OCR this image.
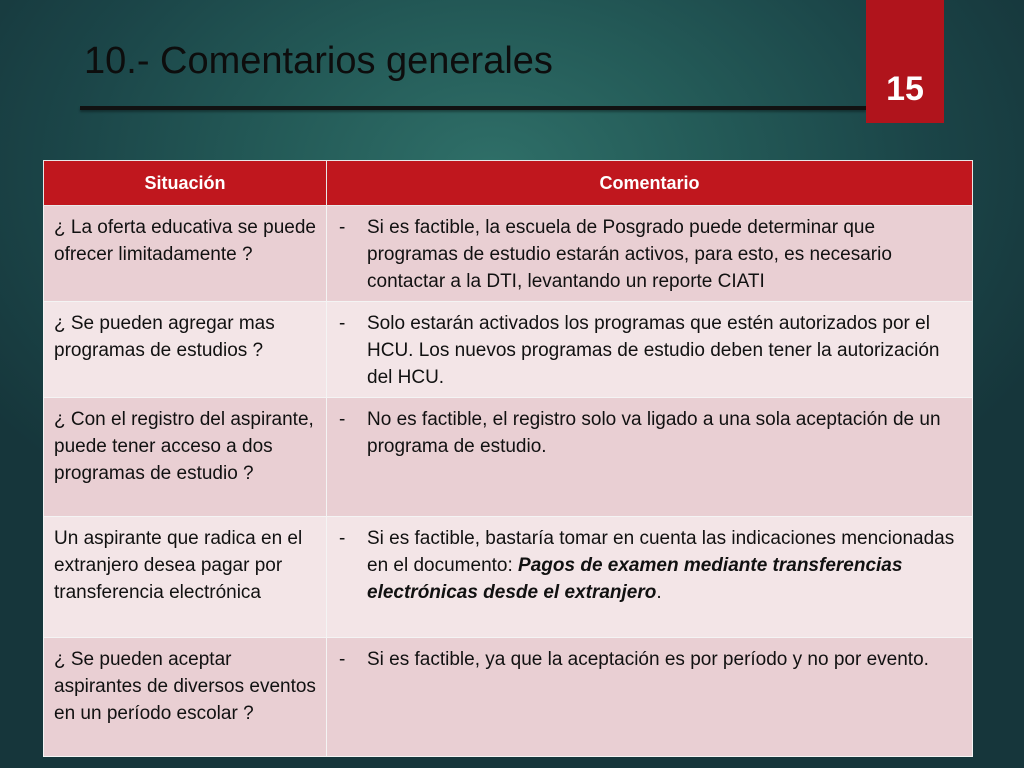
10.- Comentarios generales
15
Situación	Comentario
¿ La oferta educativa se puede ofrecer limitadamente ?	- Si es factible, la escuela de Posgrado puede determinar que programas de estudio estarán activos, para esto, es necesario contactar a la DTI, levantando un reporte CIATI
¿ Se pueden agregar mas programas de estudios ?	- Solo estarán activados los programas que estén autorizados por el HCU. Los nuevos programas de estudio deben tener la autorización del HCU.
¿ Con el registro del aspirante, puede tener acceso a dos programas de estudio ?	- No es factible, el registro solo va ligado a una sola aceptación de un programa de estudio.
Un aspirante que radica en el extranjero desea pagar por transferencia electrónica	- Si es factible, bastaría tomar en cuenta las indicaciones mencionadas en el documento: Pagos de examen mediante transferencias electrónicas desde el extranjero.
¿ Se pueden aceptar aspirantes de diversos eventos en un período escolar ?	- Si es factible, ya que la aceptación es por período y no por evento.
